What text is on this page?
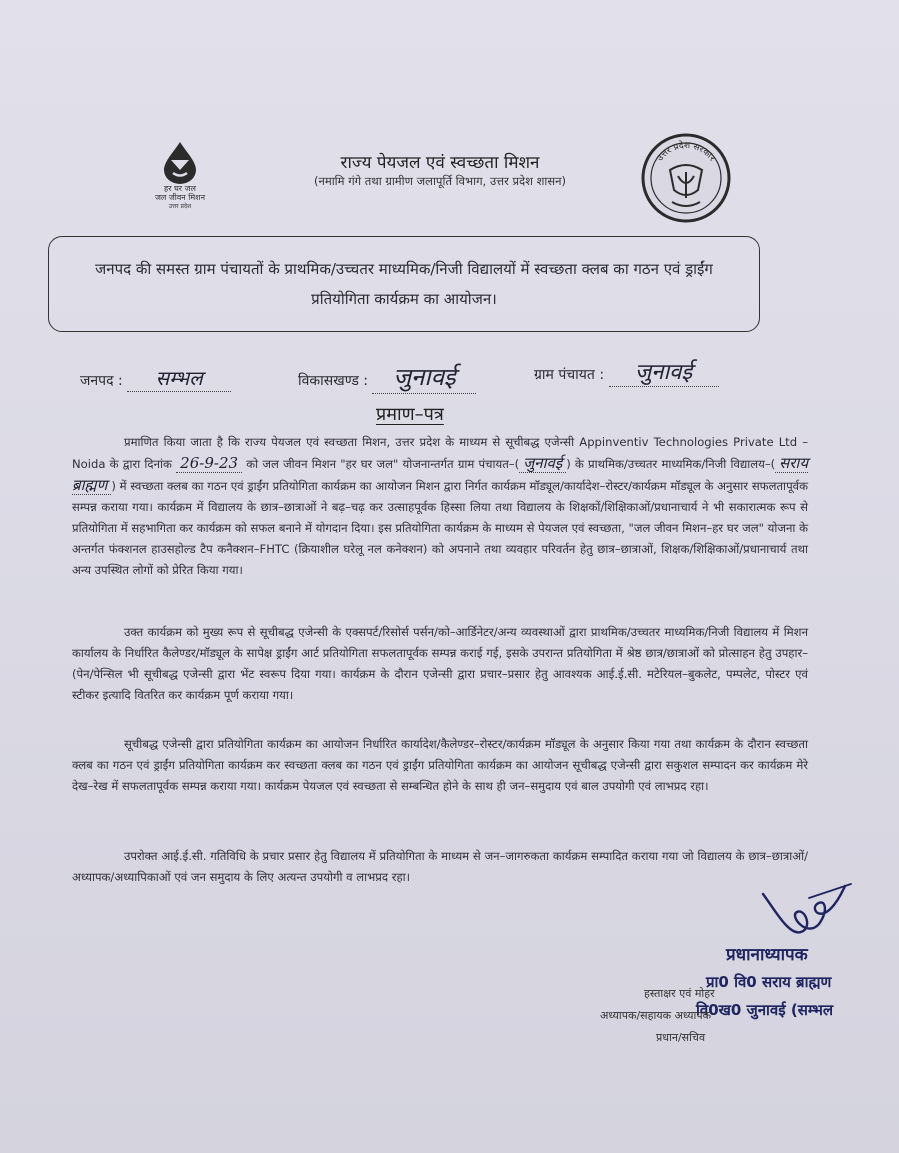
हर घर जल
जल जीवन मिशन
उत्तर प्रदेश
राज्य पेयजल एवं स्वच्छता मिशन
(नमामि गंगे तथा ग्रामीण जलापूर्ति विभाग, उत्तर प्रदेश शासन)
उत्तर प्रदेश सरकार
जनपद की समस्त ग्राम पंचायतों के प्राथमिक/उच्चतर माध्यमिक/निजी विद्यालयों में स्वच्छता क्लब का गठन एवं ड्राईंग प्रतियोगिता कार्यक्रम का आयोजन।
जनपद : सम्भल	विकासखण्ड : जुनावई	ग्राम पंचायत : जुनावई
प्रमाण–पत्र
प्रमाणित किया जाता है कि राज्य पेयजल एवं स्वच्छता मिशन, उत्तर प्रदेश के माध्यम से सूचीबद्ध एजेन्सी Appinventiv Technologies Private Ltd – Noida के द्वारा दिनांक 26-9-23 को जल जीवन मिशन "हर घर जल" योजनान्तर्गत ग्राम पंचायत–( जुनावई ) के प्राथमिक/उच्चतर माध्यमिक/निजी विद्यालय–( सराय ब्राह्मण ) में स्वच्छता क्लब का गठन एवं ड्राईंग प्रतियोगिता कार्यक्रम का आयोजन मिशन द्वारा निर्गत कार्यक्रम मॉड्यूल/कार्यादेश–रोस्टर/कार्यक्रम मॉड्यूल के अनुसार सफलतापूर्वक सम्पन्न कराया गया। कार्यक्रम में विद्यालय के छात्र–छात्राओं ने बढ़–चढ़ कर उत्साहपूर्वक हिस्सा लिया तथा विद्यालय के शिक्षकों/शिक्षिकाओं/प्रधानाचार्य ने भी सकारात्मक रूप से प्रतियोगिता में सहभागिता कर कार्यक्रम को सफल बनाने में योगदान दिया। इस प्रतियोगिता कार्यक्रम के माध्यम से पेयजल एवं स्वच्छता, "जल जीवन मिशन–हर घर जल" योजना के अन्तर्गत फंक्शनल हाउसहोल्ड टैप कनैक्शन–FHTC (क्रियाशील घरेलू नल कनेक्शन) को अपनाने तथा व्यवहार परिवर्तन हेतु छात्र–छात्राओं, शिक्षक/शिक्षिकाओं/प्रधानाचार्य तथा अन्य उपस्थित लोगों को प्रेरित किया गया।
उक्त कार्यक्रम को मुख्य रूप से सूचीबद्ध एजेन्सी के एक्सपर्ट/रिसोर्स पर्सन/को–आर्डिनेटर/अन्य व्यवस्थाओं द्वारा प्राथमिक/उच्चतर माध्यमिक/निजी विद्यालय में मिशन कार्यालय के निर्धारित कैलेण्डर/मॉड्यूल के सापेक्ष ड्राईंग आर्ट प्रतियोगिता सफलतापूर्वक सम्पन्न कराई गई, इसके उपरान्त प्रतियोगिता में श्रेष्ठ छात्र/छात्राओं को प्रोत्साहन हेतु उपहार–(पेन/पेन्सिल भी सूचीबद्ध एजेन्सी द्वारा भेंट स्वरूप दिया गया। कार्यक्रम के दौरान एजेन्सी द्वारा प्रचार–प्रसार हेतु आवश्यक आई.ई.सी. मटेरियल–बुकलेट, पम्पलेट, पोस्टर एवं स्टीकर इत्यादि वितरित कर कार्यक्रम पूर्ण कराया गया।
सूचीबद्ध एजेन्सी द्वारा प्रतियोगिता कार्यक्रम का आयोजन निर्धारित कार्यादेश/कैलेण्डर–रोस्टर/कार्यक्रम मॉड्यूल के अनुसार किया गया तथा कार्यक्रम के दौरान स्वच्छता क्लब का गठन एवं ड्राईंग प्रतियोगिता कार्यक्रम कर स्वच्छता क्लब का गठन एवं ड्राईंग प्रतियोगिता कार्यक्रम का आयोजन सूचीबद्ध एजेन्सी द्वारा सकुशल सम्पादन कर कार्यक्रम मेरे देख–रेख में सफलतापूर्वक सम्पन्न कराया गया। कार्यक्रम पेयजल एवं स्वच्छता से सम्बन्धित होने के साथ ही जन–समुदाय एवं बाल उपयोगी एवं लाभप्रद रहा।
उपरोक्त आई.ई.सी. गतिविधि के प्रचार प्रसार हेतु विद्यालय में प्रतियोगिता के माध्यम से जन–जागरुकता कार्यक्रम सम्पादित कराया गया जो विद्यालय के छात्र–छात्राओं/अध्यापक/अध्यापिकाओं एवं जन समुदाय के लिए अत्यन्त उपयोगी व लाभप्रद रहा।
प्रधानाध्यापक
प्रा0 वि0 सराय ब्राह्मण
वि0ख0 जुनावई (सम्भल
हस्ताक्षर एवं मोहर
अध्यापक/सहायक अध्यापक
प्रधान/सचिव
